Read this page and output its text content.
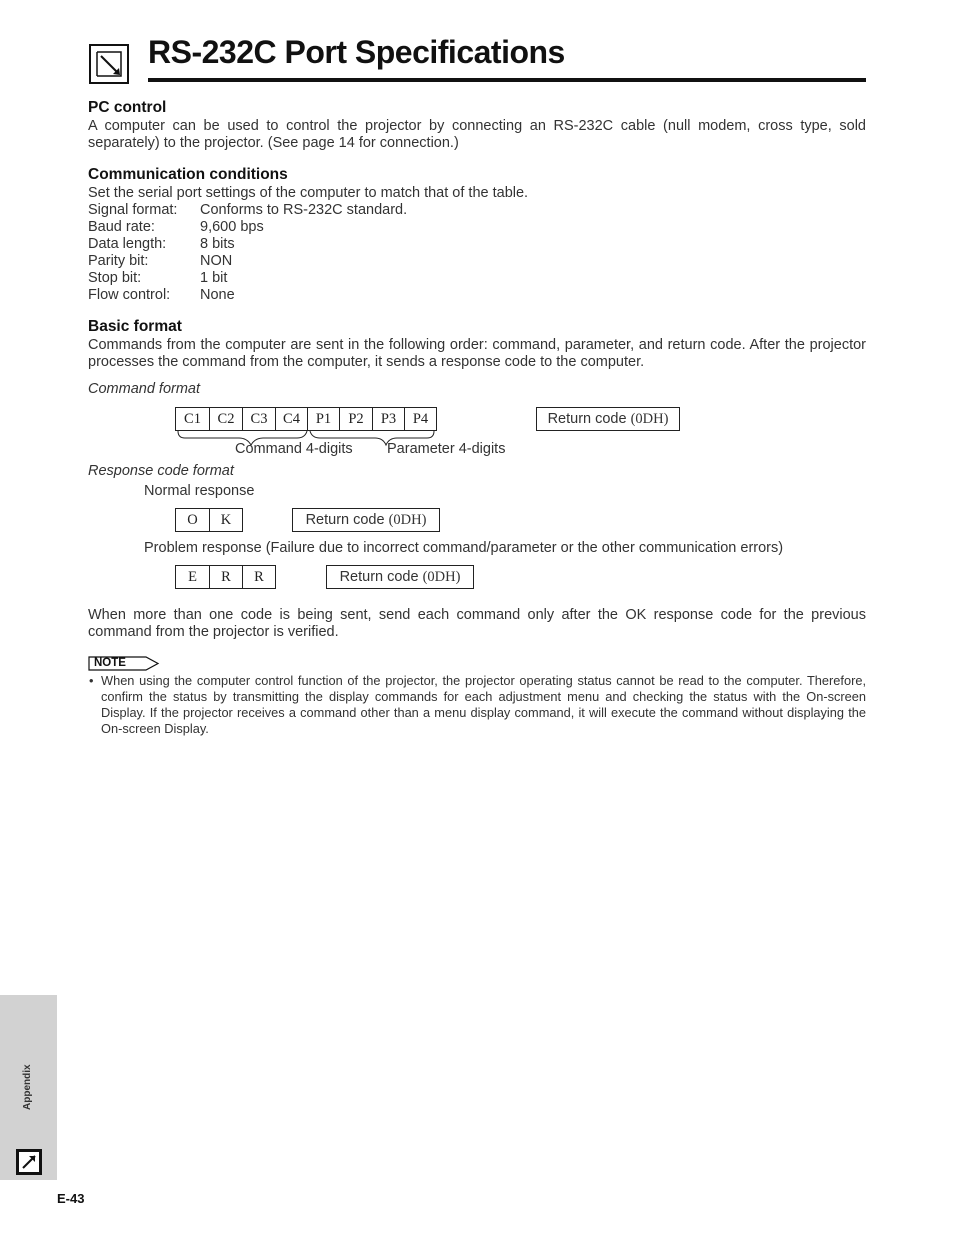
RS-232C Port Specifications
PC control
A computer can be used to control the projector by connecting an RS-232C cable (null modem, cross type, sold separately) to the projector. (See page 14 for connection.)
Communication conditions
Set the serial port settings of the computer to match that of the table.
Signal format:	Conforms to RS-232C standard.
Baud rate:	9,600 bps
Data length:	8 bits
Parity bit:	NON
Stop bit:	1 bit
Flow control:	None
Basic format
Commands from the computer are sent in the following order: command, parameter, and return code. After the projector processes the command from the computer, it sends a response code to the computer.
Command format
C1	C2	C3	C4	P1	P2	P3	P4
Command 4-digits Parameter 4-digits
Return code (0DH)
Response code format
Normal response
O	K	Return code (0DH)
Problem response (Failure due to incorrect command/parameter or the other communication errors)
E	R	R	Return code (0DH)
When more than one code is being sent, send each command only after the OK response code for the previous command from the projector is verified.
NOTE
• When using the computer control function of the projector, the projector operating status cannot be read to the computer. Therefore, confirm the status by transmitting the display commands for each adjustment menu and checking the status with the On-screen Display. If the projector receives a command other than a menu display command, it will execute the command without displaying the On-screen Display.
Appendix
E-43
